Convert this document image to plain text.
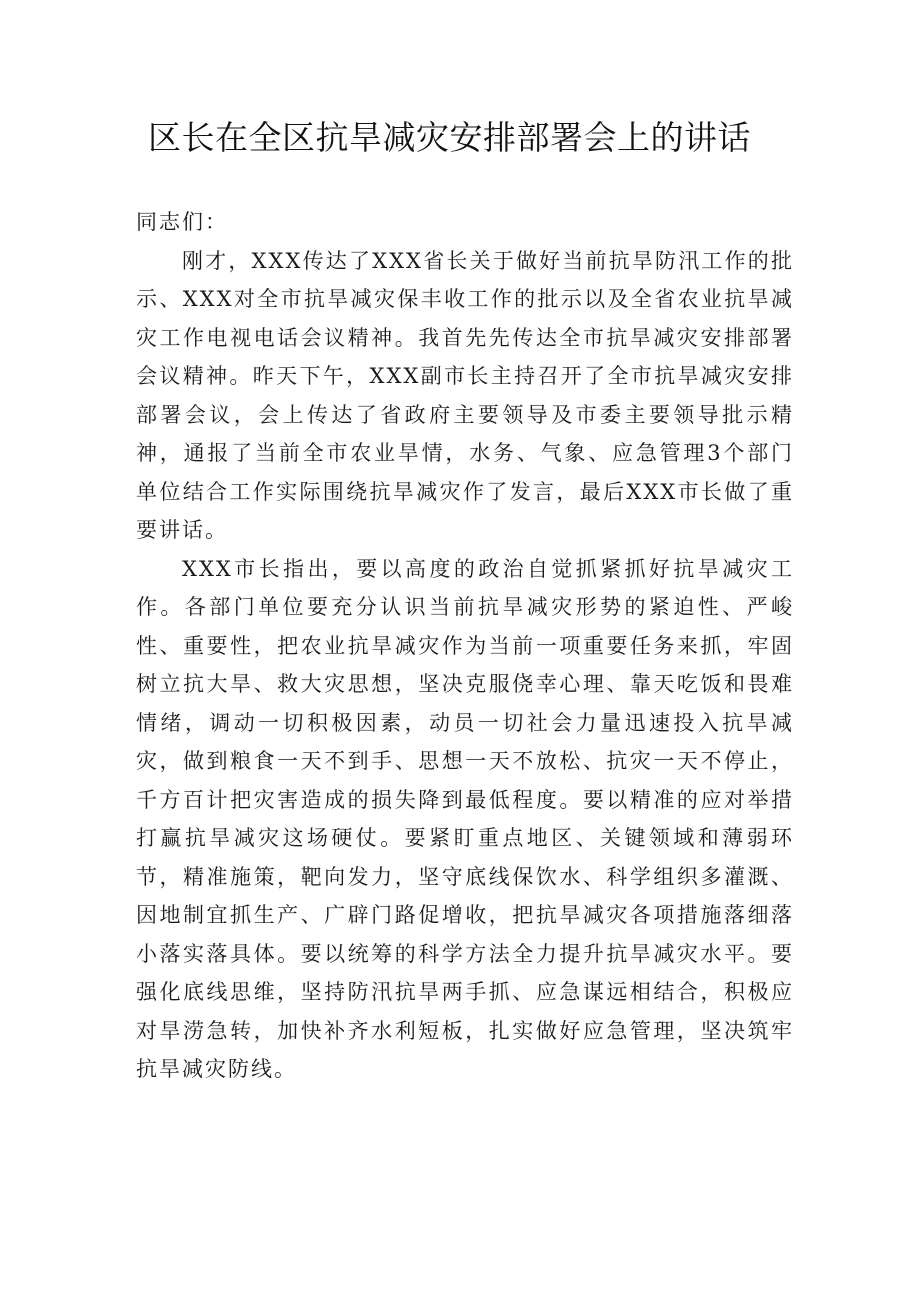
区长在全区抗旱减灾安排部署会上的讲话

同志们：

刚才，XXX传达了XXX省长关于做好当前抗旱防汛工作的批示、XXX对全市抗旱减灾保丰收工作的批示以及全省农业抗旱减灾工作电视电话会议精神。我首先先传达全市抗旱减灾安排部署会议精神。昨天下午，XXX副市长主持召开了全市抗旱减灾安排部署会议，会上传达了省政府主要领导及市委主要领导批示精神，通报了当前全市农业旱情，水务、气象、应急管理3个部门单位结合工作实际围绕抗旱减灾作了发言，最后XXX市长做了重要讲话。

XXX市长指出，要以高度的政治自觉抓紧抓好抗旱减灾工作。各部门单位要充分认识当前抗旱减灾形势的紧迫性、严峻性、重要性，把农业抗旱减灾作为当前一项重要任务来抓，牢固树立抗大旱、救大灾思想，坚决克服侥幸心理、靠天吃饭和畏难情绪，调动一切积极因素，动员一切社会力量迅速投入抗旱减灾，做到粮食一天不到手、思想一天不放松、抗灾一天不停止，千方百计把灾害造成的损失降到最低程度。要以精准的应对举措打赢抗旱减灾这场硬仗。要紧盯重点地区、关键领域和薄弱环节，精准施策，靶向发力，坚守底线保饮水、科学组织多灌溉、因地制宜抓生产、广辟门路促增收，把抗旱减灾各项措施落细落小落实落具体。要以统筹的科学方法全力提升抗旱减灾水平。要强化底线思维，坚持防汛抗旱两手抓、应急谋远相结合，积极应对旱涝急转，加快补齐水利短板，扎实做好应急管理，坚决筑牢抗旱减灾防线。
